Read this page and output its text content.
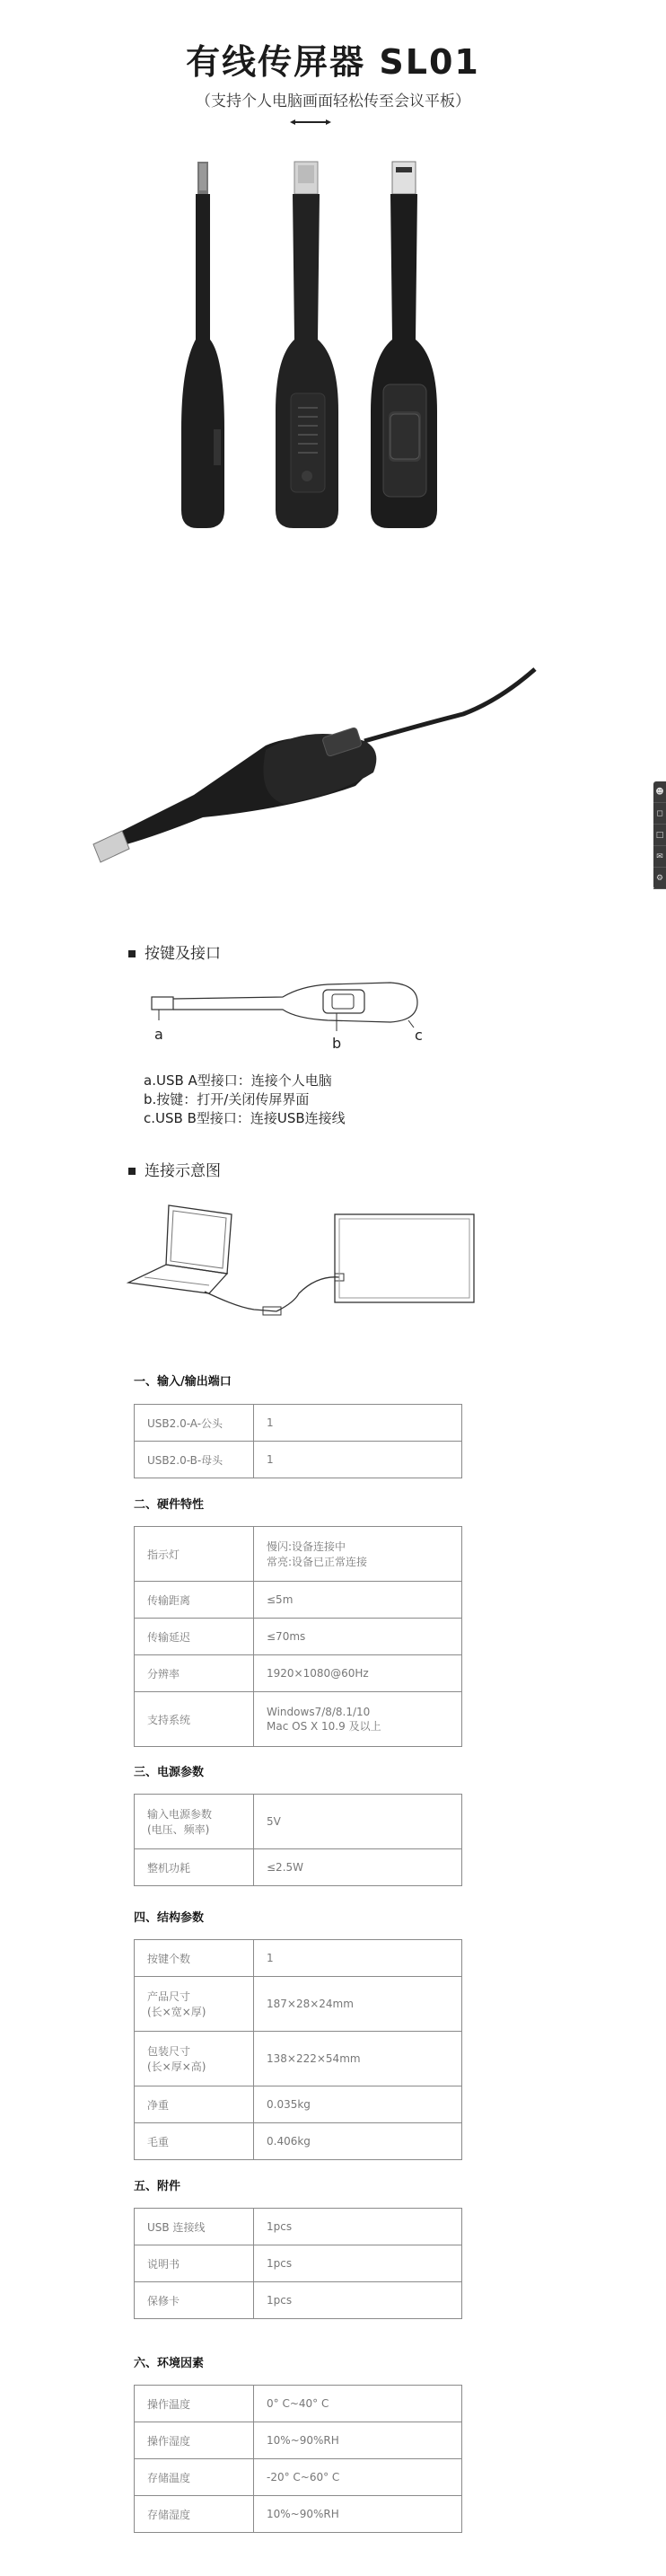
有线传屏器 SL01
（支持个人电脑画面轻松传至会议平板）
按键及接口
a
b	c
a.USB A型接口：连接个人电脑
b.按键：打开/关闭传屏界面
c.USB B型接口：连接USB连接线
连接示意图
一、输入/输出端口
USB2.0-A-公头	1

USB2.0-B-母头	1
二、硬件特性
指示灯	慢闪:设备连接中
常亮:设备已正常连接

传输距离	≤5m

传输延迟	≤70ms

分辨率	1920×1080@60Hz

支持系统	Windows7/8/8.1/10
Mac OS X 10.9 及以上
三、电源参数
输入电源参数
(电压、频率)	5V

整机功耗	≤2.5W
四、结构参数
按键个数	1

产品尺寸
(长×宽×厚)	187×28×24mm

包装尺寸
(长×厚×高)	138×222×54mm

净重	0.035kg

毛重	0.406kg
五、附件
USB 连接线	1pcs

说明书	1pcs

保修卡	1pcs
六、环境因素
操作温度	0° C~40° C

操作湿度	10%~90%RH

存储温度	-20° C~60° C

存储湿度	10%~90%RH
☻
◻
□
✉
⚙
